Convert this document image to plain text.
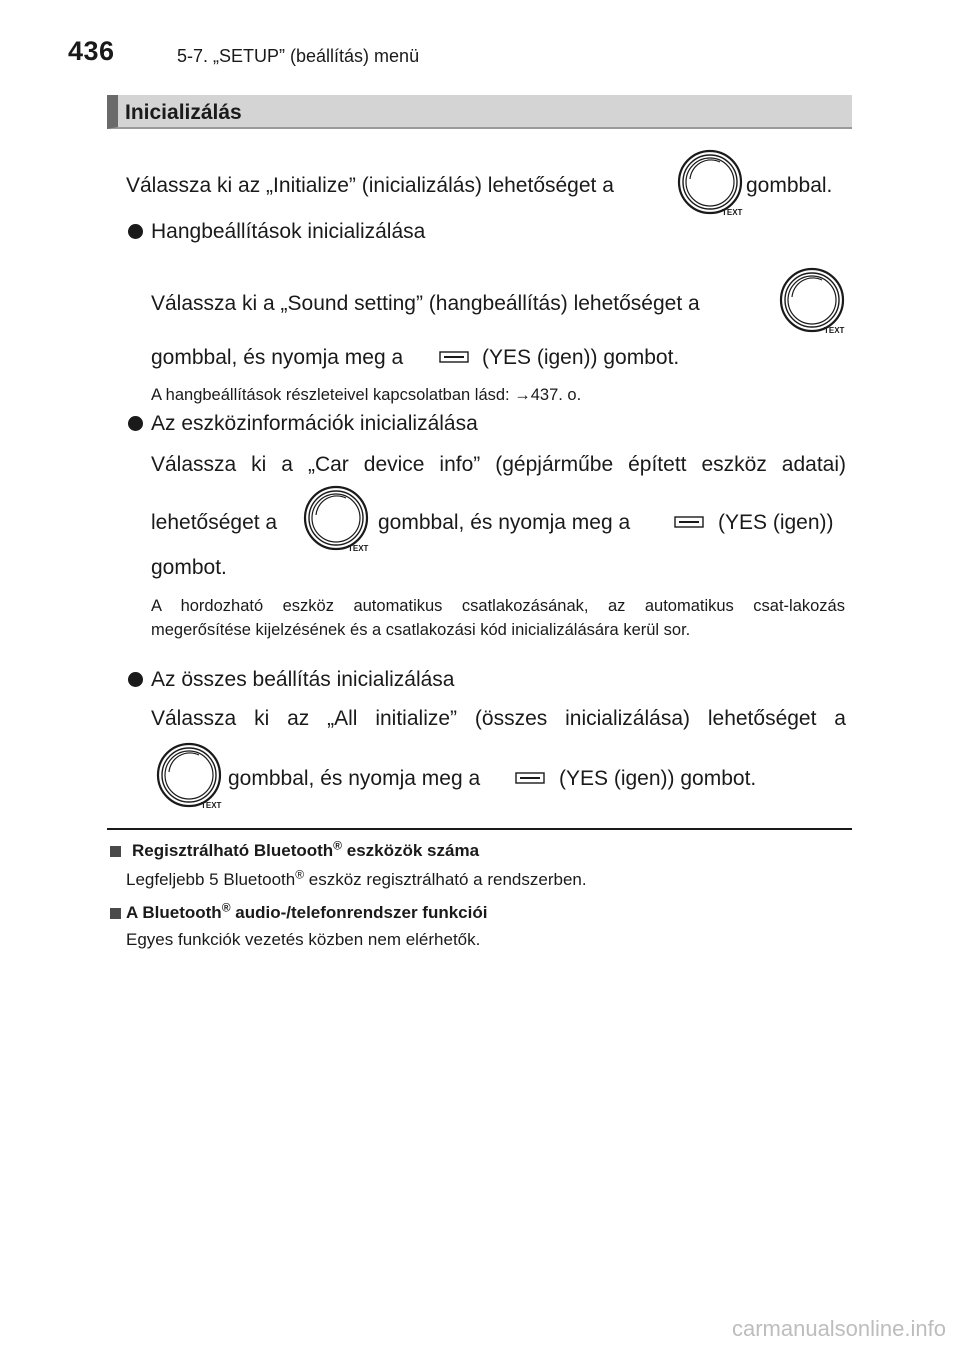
436	5-7. „SETUP” (beállítás) menü
Inicializálás
Válassza ki az „Initialize” (inicializálás) lehetőséget a	gombbal.
Hangbeállítások inicializálása
Válassza ki a „Sound setting” (hangbeállítás) lehetőséget a
gombbal, és nyomja meg a	(YES (igen)) gombot.
A hangbeállítások részleteivel kapcsolatban lásd: →437. o.
Az eszközinformációk inicializálása
Válassza ki a „Car device info” (gépjárműbe épített eszköz adatai)
lehetőséget a	gombbal, és nyomja meg a	(YES (igen))
gombot.
A hordozható eszköz automatikus csatlakozásának, az automatikus csat-lakozás megerősítése kijelzésének és a csatlakozási kód inicializálására kerül sor.
Az összes beállítás inicializálása
Válassza ki az „All initialize” (összes inicializálása) lehetőséget a
gombbal, és nyomja meg a	(YES (igen)) gombot.
Regisztrálható Bluetooth® eszközök száma
Legfeljebb 5 Bluetooth® eszköz regisztrálható a rendszerben.
A Bluetooth® audio-/telefonrendszer funkciói
Egyes funkciók vezetés közben nem elérhetők.
carmanualsonline.info
